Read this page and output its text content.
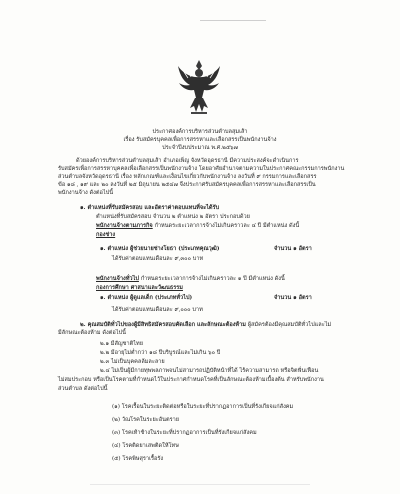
ประกาศองค์การบริหารส่วนตำบลสุมเส้า
เรื่อง รับสมัครบุคคลเพื่อการสรรหาและเลือกสรรเป็นพนักงานจ้าง
ประจำปีงบประมาณ พ.ศ.๒๕๖๗
ด้วยองค์การบริหารส่วนตำบลสุมเส้า อำเภอเพ็ญ จังหวัดอุดรธานี มีความประสงค์จะดำเนินการ
รับสมัครเพื่อการสรรหาบุคคลเพื่อเลือกสรรเป็นพนักงานจ้าง โดยอาศัยอำนาจตามความในประกาศคณะกรรมการพนักงาน
ส่วนตำบลจังหวัดอุดรธานี เรื่อง หลักเกณฑ์และเงื่อนไขเกี่ยวกับพนักงานจ้าง ลงวันที่ ๙ กรรมการและเลือกสรร
ข้อ ๑๘ , ๑๙ และ ๒๐ ลงวันที่ ๒๕ มิถุนายน ๒๕๔๗ จึงประกาศรับสมัครบุคคลเพื่อการสรรหาและเลือกสรรเป็น
พนักงานจ้าง ดังต่อไปนี้
๑. ตำแหน่งที่รับสมัครสอบ และอัตราค่าตอบแทนที่จะได้รับ
ตำแหน่งที่รับสมัครสอบ จำนวน ๒ ตำแหน่ง ๒ อัตรา ประกอบด้วย
พนักงานจ้างตามภารกิจ กำหนดระยะเวลาการจ้างไม่เกินคราวละ ๔ ปี มีตำแหน่ง ดังนี้
กองช่าง
๑. ตำแหน่ง ผู้ช่วยนายช่างโยธา (ประเภทคุณวุฒิ)	จำนวน ๑ อัตรา
ได้รับค่าตอบแทนเดือนละ ๙,๓๐๐ บาท
พนักงานจ้างทั่วไป กำหนดระยะเวลาการจ้างไม่เกินคราวละ ๑ ปี มีตำแหน่ง ดังนี้
กองการศึกษา ศาสนาและวัฒนธรรม
๑. ตำแหน่ง ผู้ดูแลเด็ก (ประเภททั่วไป)	จำนวน ๑ อัตรา
ได้รับค่าตอบแทนเดือนละ ๙,๐๐๐ บาท
๒. คุณสมบัติทั่วไปของผู้มีสิทธิสมัครสอบคัดเลือก และลักษณะต้องห้าม ผู้สมัครต้องมีคุณสมบัติทั่วไปและไม่
มีลักษณะต้องห้าม ดังต่อไปนี้
๒.๑ มีสัญชาติไทย
๒.๒ มีอายุไม่ต่ำกว่า ๑๘ ปีบริบูรณ์และไม่เกิน ๖๐ ปี
๒.๓ ไม่เป็นบุคคลล้มละลาย
๒.๔ ไม่เป็นผู้มีกายทุพพลภาพจนไม่สามารถปฏิบัติหน้าที่ได้ ไร้ความสามารถ หรือจิตฟั่นเฟือน
ไม่สมประกอบ หรือเป็นโรคตามที่กำหนดไว้ในประกาศกำหนดโรคที่เป็นลักษณะต้องห้ามเบื้องต้น สำหรับพนักงาน
ส่วนตำบล ดังต่อไปนี้
(๑) โรคเรื้อนในระยะติดต่อหรือในระยะที่ปรากฏอาการเป็นที่รังเกียจแก่สังคม
(๒) วัณโรคในระยะอันตราย
(๓) โรคเท้าช้างในระยะที่ปรากฏอาการเป็นที่รังเกียจแก่สังคม
(๔) โรคติดยาเสพติดให้โทษ
(๕) โรคพิษสุราเรื้อรัง
